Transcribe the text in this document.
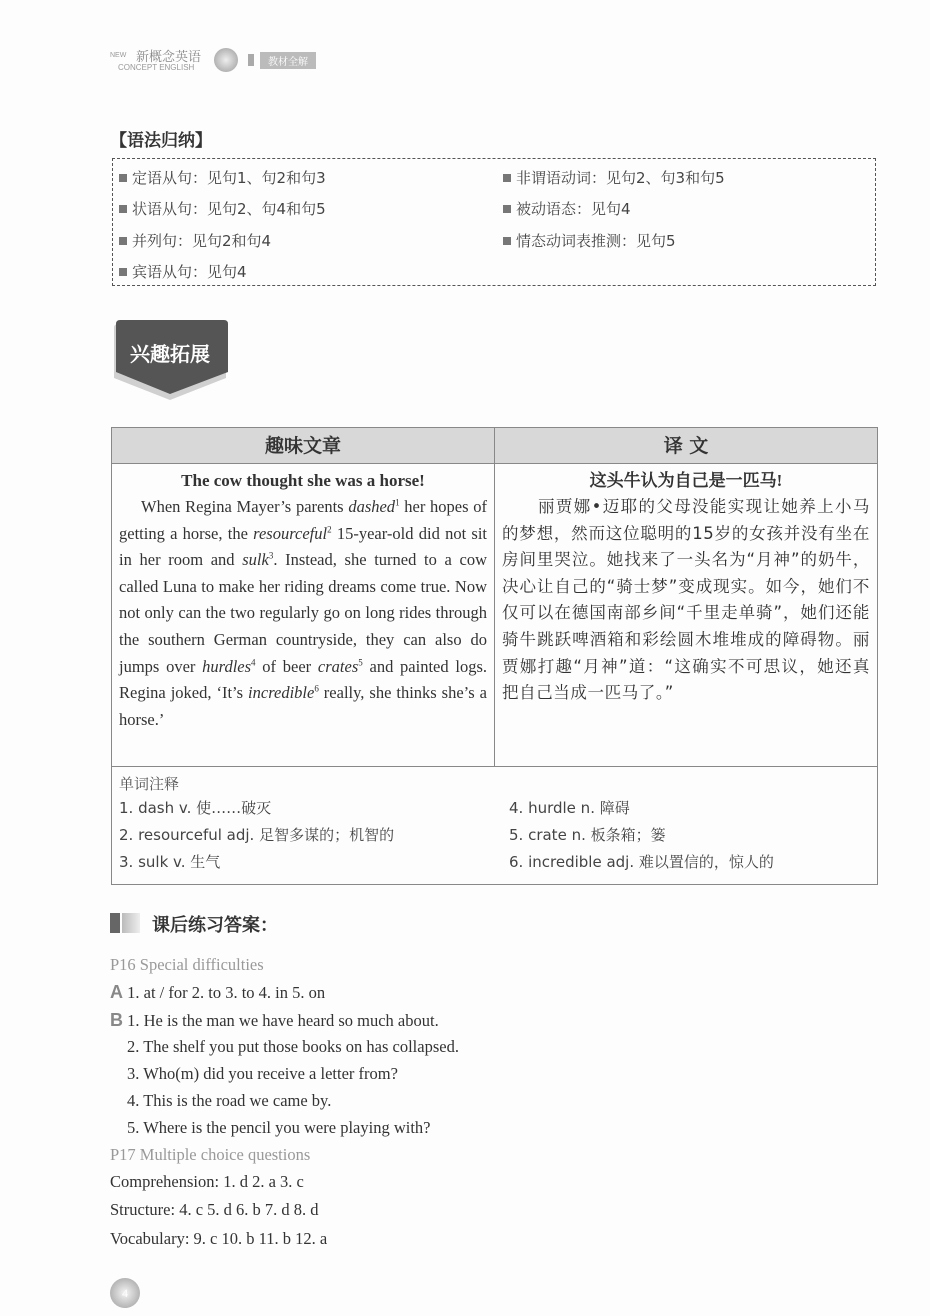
NEW 新概念英语
CONCEPT ENGLISH	教材全解
【语法归纳】
定语从句：见句1、句2和句3
状语从句：见句2、句4和句5
并列句：见句2和句4
宾语从句：见句4
非谓语动词：见句2、句3和句5
被动语态：见句4
情态动词表推测：见句5
兴趣拓展
趣味文章	译 文
The cow thought she was a horse!
When Regina Mayer’s parents dashed$^1$ her hopes of getting a horse, the resourceful$^2$ 15-year-old did not sit in her room and sulk$^3$. Instead, she turned to a cow called Luna to make her riding dreams come true. Now not only can the two regularly go on long rides through the southern German countryside, they can also do jumps over hurdles$^4$ of beer crates$^5$ and painted logs. Regina joked, ‘It’s incredible$^6$ really, she thinks she’s a horse.’
这头牛认为自己是一匹马!
丽贾娜•迈耶的父母没能实现让她养上小马的梦想，然而这位聪明的15岁的女孩并没有坐在房间里哭泣。她找来了一头名为“月神”的奶牛，决心让自己的“骑士梦”变成现实。如今，她们不仅可以在德国南部乡间“千里走单骑”，她们还能骑牛跳跃啤酒箱和彩绘圆木堆堆成的障碍物。丽贾娜打趣“月神”道：“这确实不可思议，她还真把自己当成一匹马了。”
单词注释
1. dash v. 使……破灭
2. resourceful adj. 足智多谋的；机智的
3. sulk v. 生气
4. hurdle n. 障碍
5. crate n. 板条箱；篓
6. incredible adj. 难以置信的，惊人的
课后练习答案：
P16 Special difficulties
A 1. at / for 2. to 3. to 4. in 5. on
B 1. He is the man we have heard so much about.
2. The shelf you put those books on has collapsed.
3. Who(m) did you receive a letter from?
4. This is the road we came by.
5. Where is the pencil you were playing with?
P17 Multiple choice questions
Comprehension: 1. d 2. a 3. c
Structure: 4. c 5. d 6. b 7. d 8. d
Vocabulary: 9. c 10. b 11. b 12. a
4
